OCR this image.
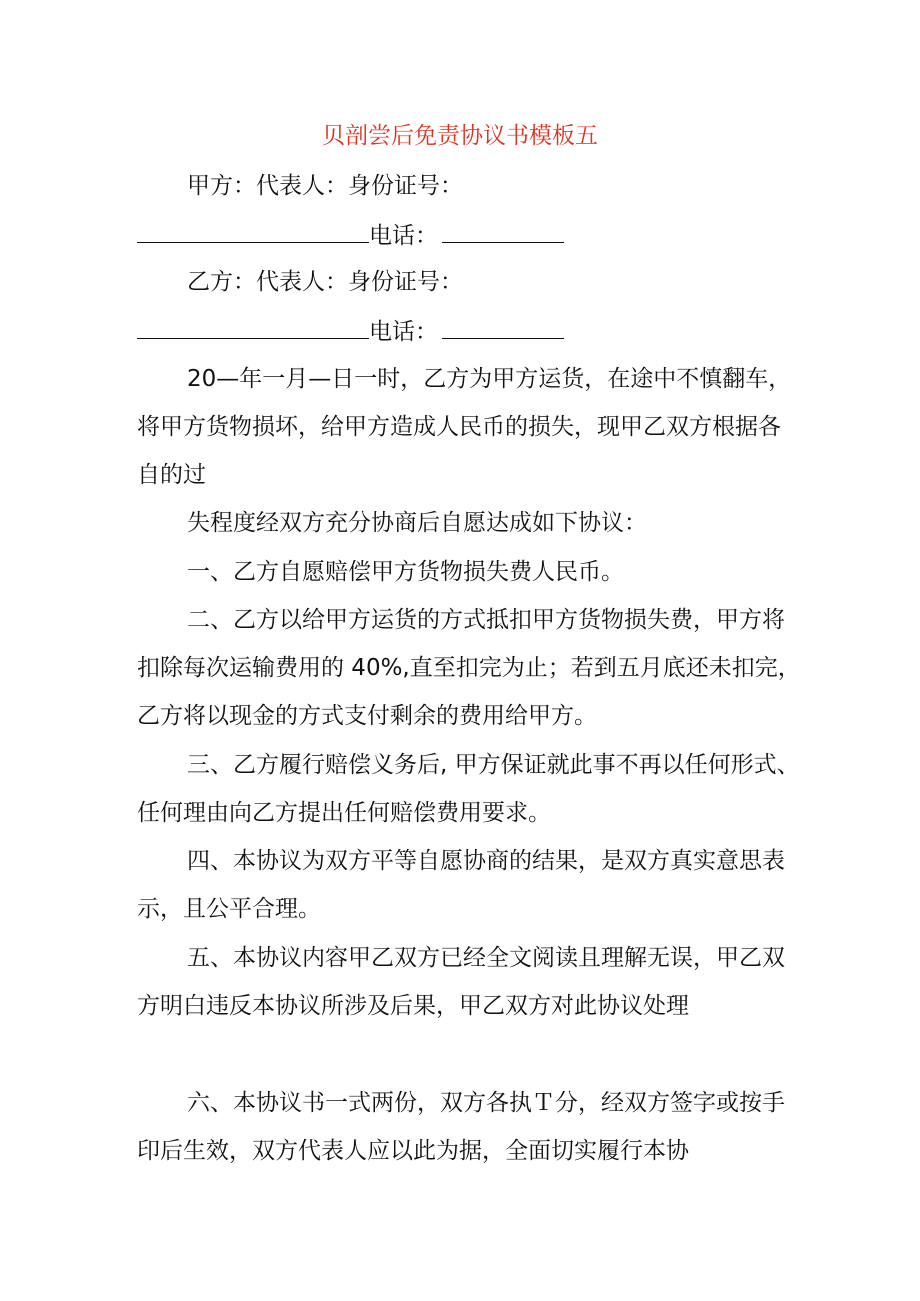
贝剖尝后免责协议书模板五
甲方：代表人：身份证号：
电话：
乙方：代表人：身份证号：
电话：
20—年一月—日一时，乙方为甲方运货，在途中不慎翻车，
将甲方货物损坏，给甲方造成人民币的损失，现甲乙双方根据各
自的过
失程度经双方充分协商后自愿达成如下协议：
一、乙方自愿赔偿甲方货物损失费人民币。
二、乙方以给甲方运货的方式抵扣甲方货物损失费，甲方将
扣除每次运输费用的 40%,直至扣完为止；若到五月底还未扣完，
乙方将以现金的方式支付剩余的费用给甲方。
三、乙方履行赔偿义务后, 甲方保证就此事不再以任何形式、
任何理由向乙方提出任何赔偿费用要求。
四、本协议为双方平等自愿协商的结果，是双方真实意思表
示，且公平合理。
五、本协议内容甲乙双方已经全文阅读且理解无误，甲乙双
方明白违反本协议所涉及后果，甲乙双方对此协议处理
六、本协议书一式两份，双方各执Ｔ分，经双方签字或按手
印后生效，双方代表人应以此为据，全面切实履行本协
